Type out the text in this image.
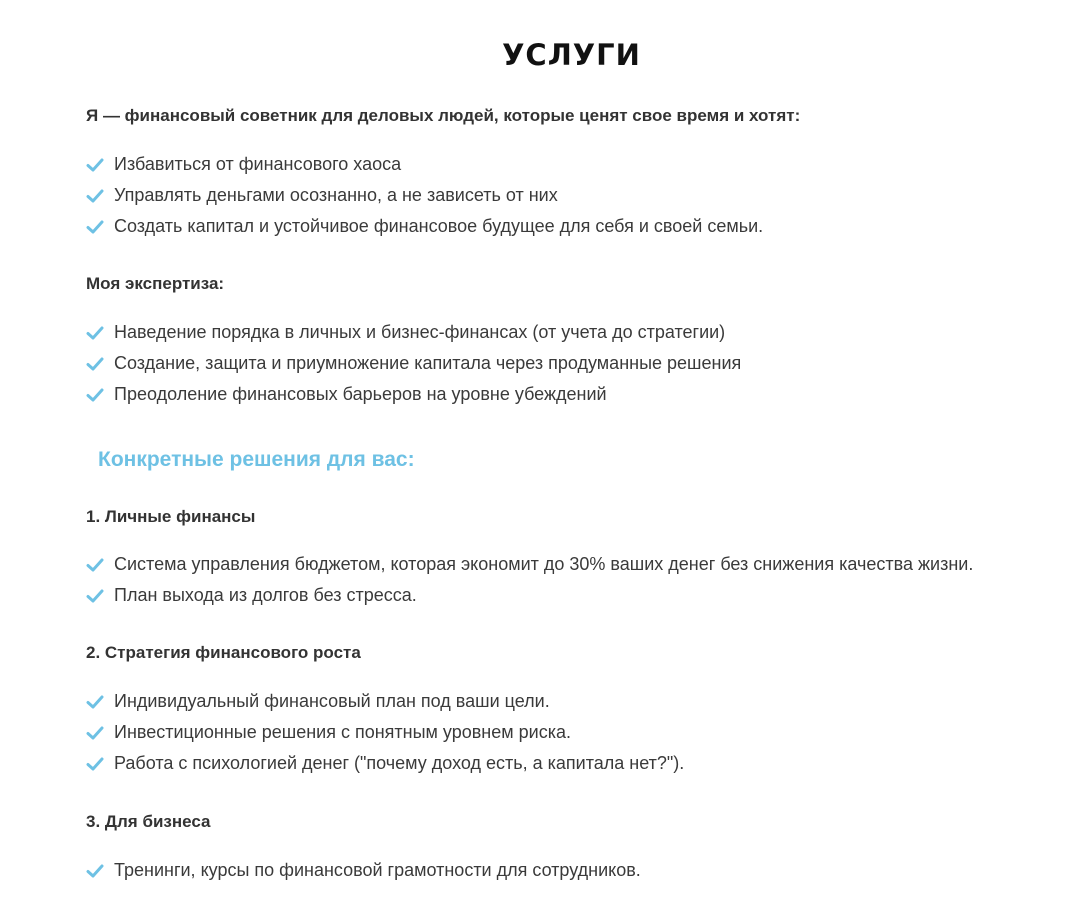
УСЛУГИ
Я — финансовый советник для деловых людей, которые ценят свое время и хотят:
Избавиться от финансового хаоса
Управлять деньгами осознанно, а не зависеть от них
Создать капитал и устойчивое финансовое будущее для себя и своей семьи.
Моя экспертиза:
Наведение порядка в личных и бизнес-финансах (от учета до стратегии)
Создание, защита и приумножение капитала через продуманные решения
Преодоление финансовых барьеров на уровне убеждений
Конкретные решения для вас:
1. Личные финансы
Система управления бюджетом, которая экономит до 30% ваших денег без снижения качества жизни.
План выхода из долгов без стресса.
2. Стратегия финансового роста
Индивидуальный финансовый план под ваши цели.
Инвестиционные решения с понятным уровнем риска.
Работа с психологией денег ("почему доход есть, а капитала нет?").
3. Для бизнеса
Тренинги, курсы по финансовой грамотности для сотрудников.
